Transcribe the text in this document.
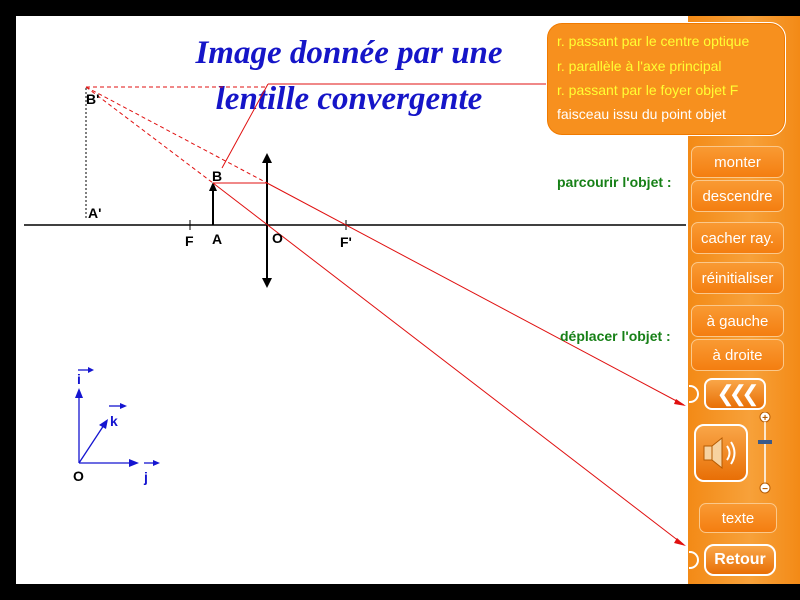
Image donnée par une lentille convergente
B'
A'
B
A
F	O	F'
i
k
j
O
r. passant par le centre optique
r. parallèle à l'axe principal
r. passant par le foyer objet F
faisceau issu du point objet
parcourir l'objet :
monter
descendre
cacher ray.
réinitialiser
déplacer l'objet :
à gauche
à droite
❮❮❮
+
−
texte
Retour
